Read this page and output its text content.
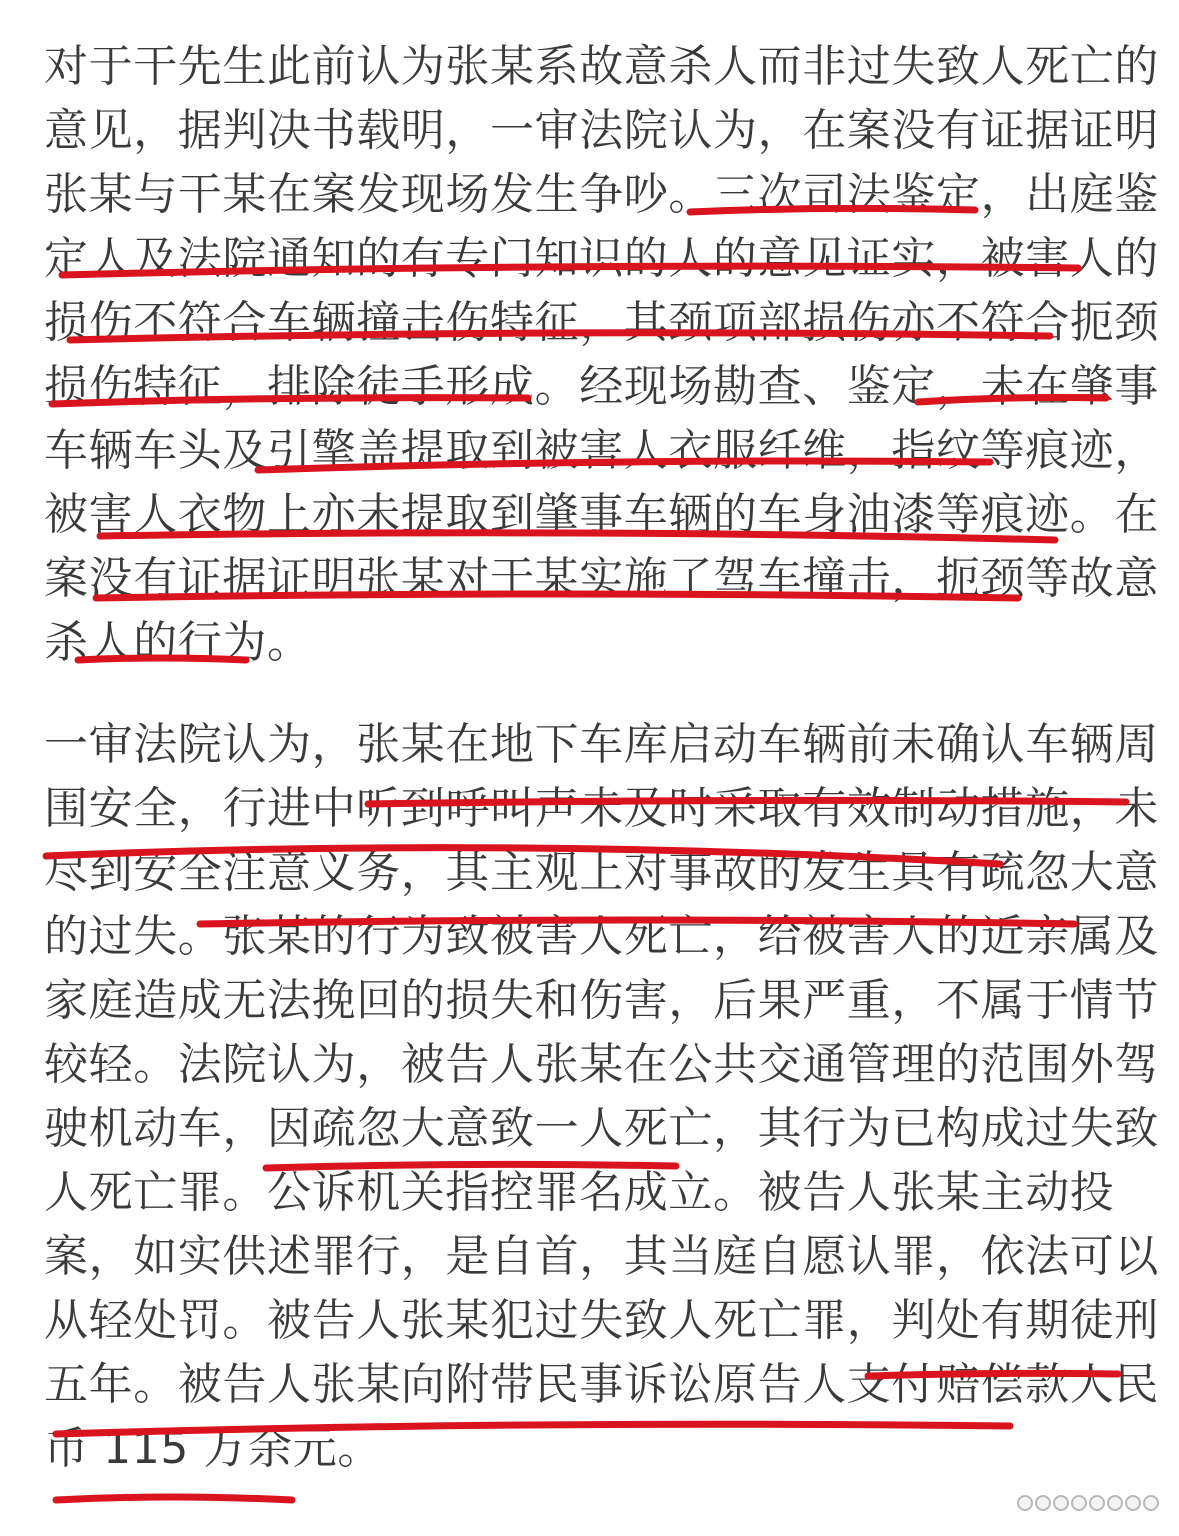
对于干先生此前认为张某系故意杀人而非过失致人死亡的
意见，据判决书载明，一审法院认为，在案没有证据证明
张某与干某在案发现场发生争吵。三次司法鉴定，出庭鉴
定人及法院通知的有专门知识的人的意见证实，被害人的
损伤不符合车辆撞击伤特征，其颈项部损伤亦不符合扼颈
损伤特征，排除徒手形成。经现场勘查、鉴定，未在肇事
车辆车头及引擎盖提取到被害人衣服纤维，指纹等痕迹，
被害人衣物上亦未提取到肇事车辆的车身油漆等痕迹。在
案没有证据证明张某对干某实施了驾车撞击，扼颈等故意
杀人的行为。
一审法院认为，张某在地下车库启动车辆前未确认车辆周
围安全，行进中听到呼叫声未及时采取有效制动措施，未
尽到安全注意义务，其主观上对事故的发生具有疏忽大意
的过失。张某的行为致被害人死亡，给被害人的近亲属及
家庭造成无法挽回的损失和伤害，后果严重，不属于情节
较轻。法院认为，被告人张某在公共交通管理的范围外驾
驶机动车，因疏忽大意致一人死亡，其行为已构成过失致
人死亡罪。公诉机关指控罪名成立。被告人张某主动投
案，如实供述罪行，是自首，其当庭自愿认罪，依法可以
从轻处罚。被告人张某犯过失致人死亡罪，判处有期徒刑
五年。被告人张某向附带民事诉讼原告人支付赔偿款人民
币 115 万余元。
